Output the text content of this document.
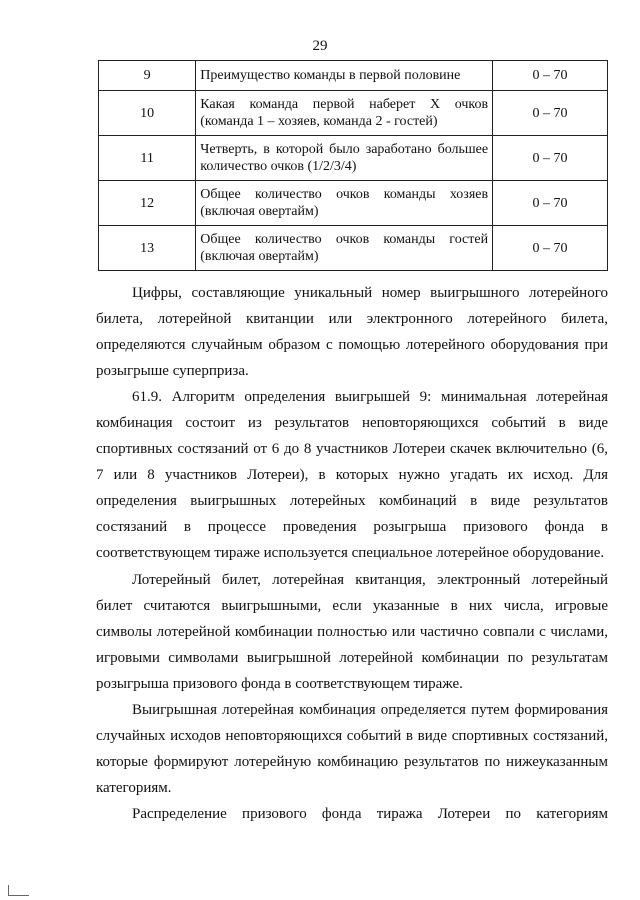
29
9	Преимущество команды в первой половине	0 – 70
10	Какая команда первой наберет X очков (команда 1 – хозяев, команда 2 - гостей)	0 – 70
11	Четверть, в которой было заработано большее количество очков (1/2/3/4)	0 – 70
12	Общее количество очков команды хозяев (включая овертайм)	0 – 70
13	Общее количество очков команды гостей (включая овертайм)	0 – 70

Цифры, составляющие уникальный номер выигрышного лотерейного билета, лотерейной квитанции или электронного лотерейного билета, определяются случайным образом с помощью лотерейного оборудования при розыгрыше суперприза.

61.9. Алгоритм определения выигрышей 9: минимальная лотерейная комбинация состоит из результатов неповторяющихся событий в виде спортивных состязаний от 6 до 8 участников Лотереи скачек включительно (6, 7 или 8 участников Лотереи), в которых нужно угадать их исход. Для определения выигрышных лотерейных комбинаций в виде результатов состязаний в процессе проведения розыгрыша призового фонда в соответствующем тираже используется специальное лотерейное оборудование.

Лотерейный билет, лотерейная квитанция, электронный лотерейный билет считаются выигрышными, если указанные в них числа, игровые символы лотерейной комбинации полностью или частично совпали с числами, игровыми символами выигрышной лотерейной комбинации по результатам розыгрыша призового фонда в соответствующем тираже.

Выигрышная лотерейная комбинация определяется путем формирования случайных исходов неповторяющихся событий в виде спортивных состязаний, которые формируют лотерейную комбинацию результатов по нижеуказанным категориям.

Распределение призового фонда тиража Лотереи по категориям
